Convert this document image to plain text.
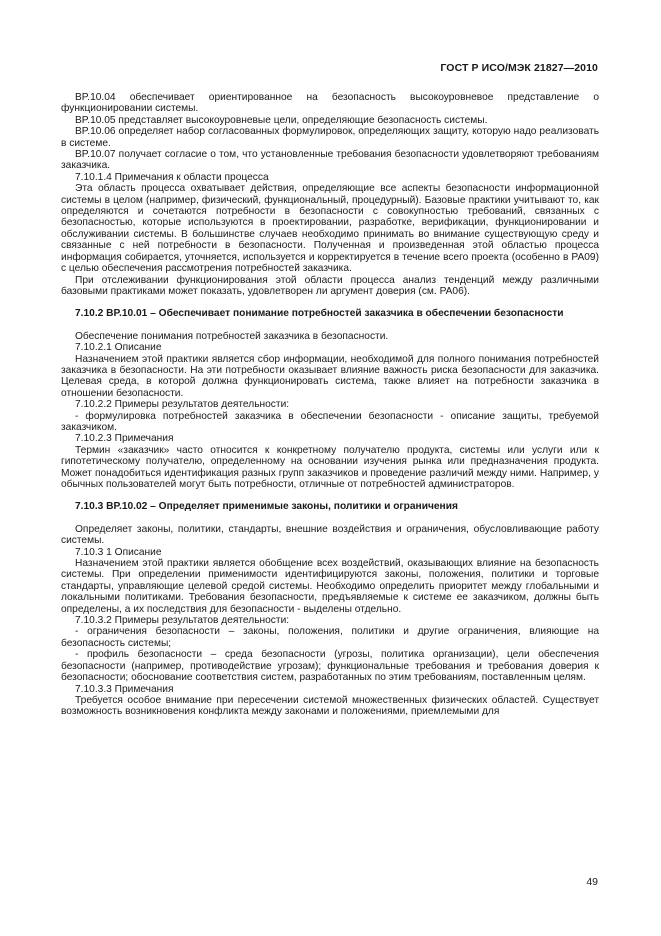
ГОСТ Р ИСО/МЭК 21827—2010

BP.10.04 обеспечивает ориентированное на безопасность высокоуровневое представление о функционировании системы.

BP.10.05 представляет высокоуровневые цели, определяющие безопасность системы.

BP.10.06 определяет набор согласованных формулировок, определяющих защиту, которую надо реализовать в системе.

BP.10.07 получает согласие о том, что установленные требования безопасности удовлетворяют требованиям заказчика.

7.10.1.4 Примечания к области процесса

Эта область процесса охватывает действия, определяющие все аспекты безопасности информационной системы в целом (например, физический, функциональный, процедурный). Базовые практики учитывают то, как определяются и сочетаются потребности в безопасности с совокупностью требований, связанных с безопасностью, которые используются в проектировании, разработке, верификации, функционировании и обслуживании системы. В большинстве случаев необходимо принимать во внимание существующую среду и связанные с ней потребности в безопасности. Полученная и произведенная этой областью процесса информация собирается, уточняется, используется и корректируется в течение всего проекта (особенно в PA09) с целью обеспечения рассмотрения потребностей заказчика.

При отслеживании функционирования этой области процесса анализ тенденций между различными базовыми практиками может показать, удовлетворен ли аргумент доверия (см. PA06).

7.10.2 BP.10.01 – Обеспечивает понимание потребностей заказчика в обеспечении безопасности

Обеспечение понимания потребностей заказчика в безопасности.

7.10.2.1 Описание

Назначением этой практики является сбор информации, необходимой для полного понимания потребностей заказчика в безопасности. На эти потребности оказывает влияние важность риска безопасности для заказчика. Целевая среда, в которой должна функционировать система, также влияет на потребности заказчика в отношении безопасности.

7.10.2.2 Примеры результатов деятельности:

- формулировка потребностей заказчика в обеспечении безопасности - описание защиты, требуемой заказчиком.

7.10.2.3 Примечания

Термин «заказчик» часто относится к конкретному получателю продукта, системы или услуги или к гипотетическому получателю, определенному на основании изучения рынка или предназначения продукта. Может понадобиться идентификация разных групп заказчиков и проведение различий между ними. Например, у обычных пользователей могут быть потребности, отличные от потребностей администраторов.

7.10.3 BP.10.02 – Определяет применимые законы, политики и ограничения

Определяет законы, политики, стандарты, внешние воздействия и ограничения, обусловливающие работу системы.

7.10.3 1 Описание

Назначением этой практики является обобщение всех воздействий, оказывающих влияние на безопасность системы. При определении применимости идентифицируются законы, положения, политики и торговые стандарты, управляющие целевой средой системы. Необходимо определить приоритет между глобальными и локальными политиками. Требования безопасности, предъявляемые к системе ее заказчиком, должны быть определены, а их последствия для безопасности - выделены отдельно.

7.10.3.2 Примеры результатов деятельности:

- ограничения безопасности – законы, положения, политики и другие ограничения, влияющие на безопасность системы;

- профиль безопасности – среда безопасности (угрозы, политика организации), цели обеспечения безопасности (например, противодействие угрозам); функциональные требования и требования доверия к безопасности; обоснование соответствия систем, разработанных по этим требованиям, поставленным целям.

7.10.3.3 Примечания

Требуется особое внимание при пересечении системой множественных физических областей. Существует возможность возникновения конфликта между законами и положениями, приемлемыми для

49
